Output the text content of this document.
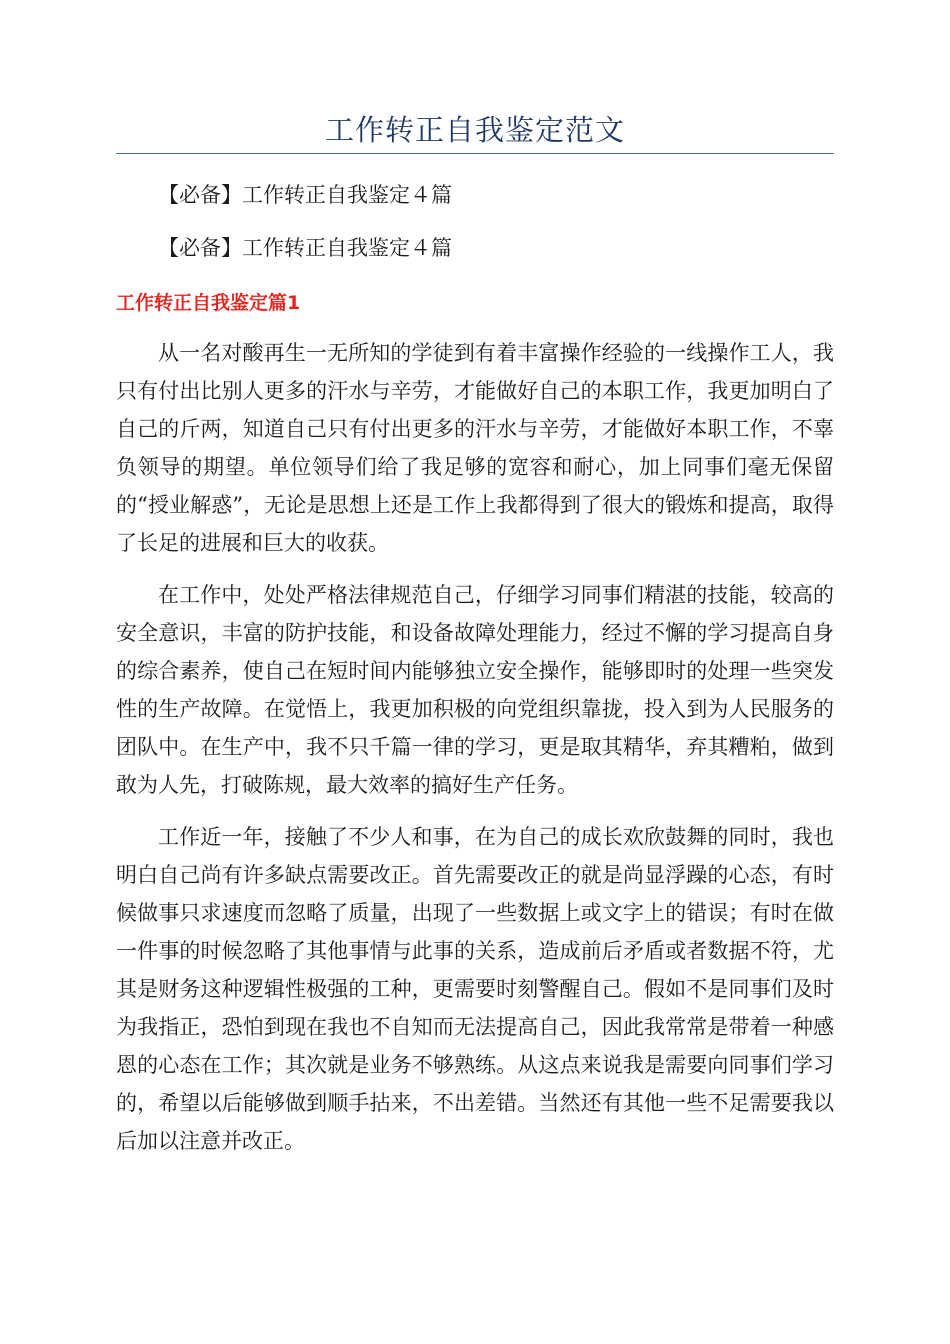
工作转正自我鉴定范文
【必备】工作转正自我鉴定４篇
【必备】工作转正自我鉴定４篇
工作转正自我鉴定篇1

从一名对酸再生一无所知的学徒到有着丰富操作经验的一线操作工人，我只有付出比别人更多的汗水与辛劳，才能做好自己的本职工作，我更加明白了自己的斤两，知道自己只有付出更多的汗水与辛劳，才能做好本职工作，不辜负领导的期望。单位领导们给了我足够的宽容和耐心，加上同事们毫无保留的“授业解惑”，无论是思想上还是工作上我都得到了很大的锻炼和提高，取得了长足的进展和巨大的收获。

在工作中，处处严格法律规范自己，仔细学习同事们精湛的技能，较高的安全意识，丰富的防护技能，和设备故障处理能力，经过不懈的学习提高自身的综合素养，使自己在短时间内能够独立安全操作，能够即时的处理一些突发性的生产故障。在觉悟上，我更加积极的向党组织靠拢，投入到为人民服务的团队中。在生产中，我不只千篇一律的学习，更是取其精华，弃其糟粕，做到敢为人先，打破陈规，最大效率的搞好生产任务。

工作近一年，接触了不少人和事，在为自己的成长欢欣鼓舞的同时，我也明白自己尚有许多缺点需要改正。首先需要改正的就是尚显浮躁的心态，有时候做事只求速度而忽略了质量，出现了一些数据上或文字上的错误；有时在做一件事的时候忽略了其他事情与此事的关系，造成前后矛盾或者数据不符，尤其是财务这种逻辑性极强的工种，更需要时刻警醒自己。假如不是同事们及时为我指正，恐怕到现在我也不自知而无法提高自己，因此我常常是带着一种感恩的心态在工作；其次就是业务不够熟练。从这点来说我是需要向同事们学习的，希望以后能够做到顺手拈来，不出差错。当然还有其他一些不足需要我以后加以注意并改正。
